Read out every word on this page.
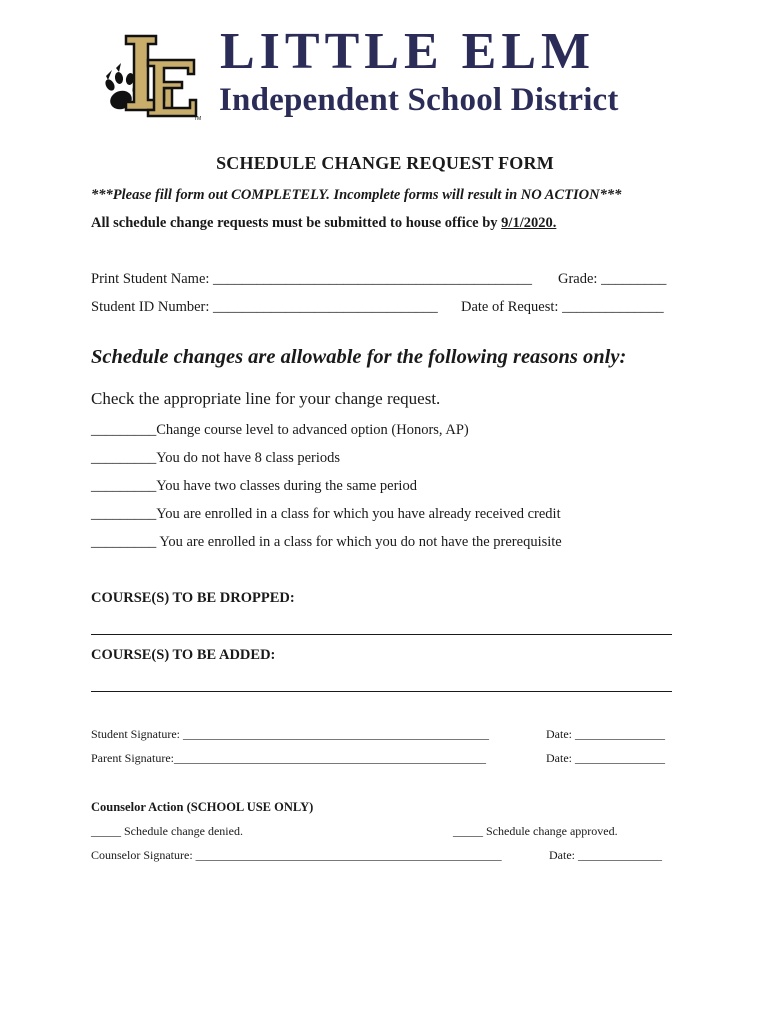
TM
LITTLE ELM
Independent School District
SCHEDULE CHANGE REQUEST FORM
***Please fill form out COMPLETELY. Incomplete forms will result in NO ACTION***
All schedule change requests must be submitted to house office by 9/1/2020.
Print Student Name: ____________________________________________ Grade: _________
Student ID Number: _______________________________ Date of Request: ______________
Schedule changes are allowable for the following reasons only:
Check the appropriate line for your change request.
_________Change course level to advanced option (Honors, AP)
_________You do not have 8 class periods
_________You have two classes during the same period
_________You are enrolled in a class for which you have already received credit
_________ You are enrolled in a class for which you do not have the prerequisite
COURSE(S) TO BE DROPPED:
COURSE(S) TO BE ADDED:
Student Signature: ___________________________________________________	Date: _______________
Parent Signature:____________________________________________________	Date: _______________
Counselor Action (SCHOOL USE ONLY)
_____ Schedule change denied.	_____ Schedule change approved.
Counselor Signature: ___________________________________________________	Date: ______________
